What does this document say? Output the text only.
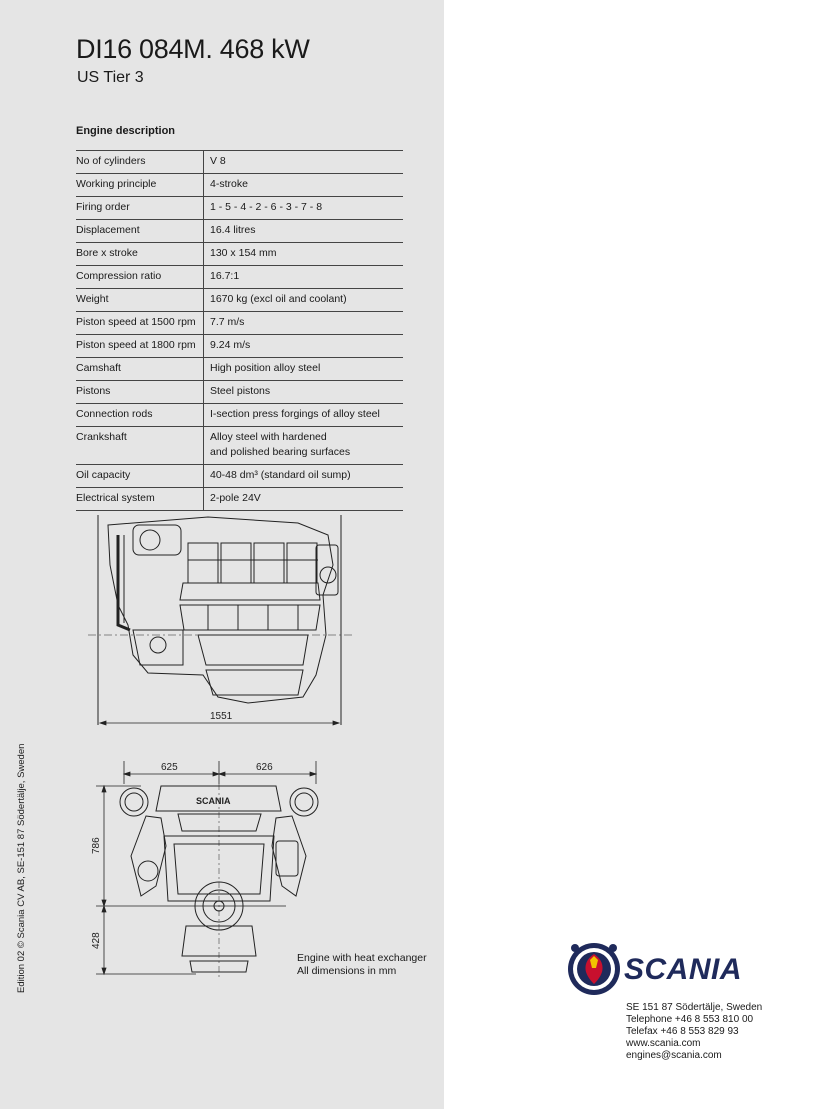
DI16 084M. 468 kW
US Tier 3
Engine description
No of cylinders	V 8
Working principle	4-stroke
Firing order	1 - 5 - 4 - 2 - 6 - 3 - 7 - 8
Displacement	16.4 litres
Bore x stroke	130 x 154 mm
Compression ratio	16.7:1
Weight	1670 kg (excl oil and coolant)
Piston speed at 1500 rpm	7.7 m/s
Piston speed at 1800 rpm	9.24 m/s
Camshaft	High position alloy steel
Pistons	Steel pistons
Connection rods	I-section press forgings of alloy steel
Crankshaft	Alloy steel with hardened
and polished bearing surfaces

Oil capacity	40-48 dm³ (standard oil sump)
Electrical system	2-pole 24V
1551
SCANIA
625	626
786
428
Engine with heat exchanger
All dimensions in mm
Edition 02 © Scania CV AB, SE-151 87 Södertälje, Sweden	SCANIA
SE 151 87 Södertälje, Sweden
Telephone +46 8 553 810 00
Telefax +46 8 553 829 93
www.scania.com
engines@scania.com
